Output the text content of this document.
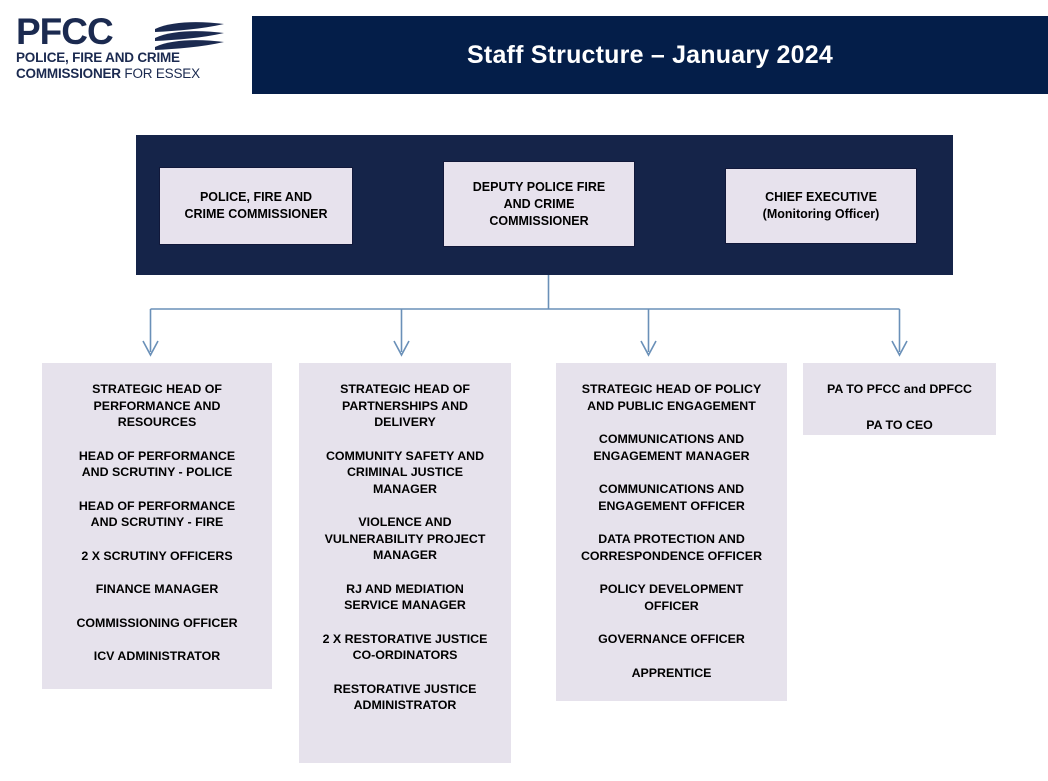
PFCC
POLICE, FIRE AND CRIME
COMMISSIONER FOR ESSEX
Staff Structure – January 2024
POLICE, FIRE AND
CRIME COMMISSIONER
DEPUTY POLICE FIRE
AND CRIME
COMMISSIONER
CHIEF EXECUTIVE
(Monitoring Officer)
STRATEGIC HEAD OF
PERFORMANCE AND
RESOURCES
HEAD OF PERFORMANCE
AND SCRUTINY - POLICE
HEAD OF PERFORMANCE
AND SCRUTINY - FIRE
2 X SCRUTINY OFFICERS
FINANCE MANAGER
COMMISSIONING OFFICER
ICV ADMINISTRATOR
STRATEGIC HEAD OF
PARTNERSHIPS AND
DELIVERY
COMMUNITY SAFETY AND
CRIMINAL JUSTICE
MANAGER
VIOLENCE AND
VULNERABILITY PROJECT
MANAGER
RJ AND MEDIATION
SERVICE MANAGER
2 X RESTORATIVE JUSTICE
CO-ORDINATORS
RESTORATIVE JUSTICE
ADMINISTRATOR
STRATEGIC HEAD OF POLICY
AND PUBLIC ENGAGEMENT
COMMUNICATIONS AND
ENGAGEMENT MANAGER
COMMUNICATIONS AND
ENGAGEMENT OFFICER
DATA PROTECTION AND
CORRESPONDENCE OFFICER
POLICY DEVELOPMENT
OFFICER
GOVERNANCE OFFICER
APPRENTICE
PA TO PFCC and DPFCC
PA TO CEO
